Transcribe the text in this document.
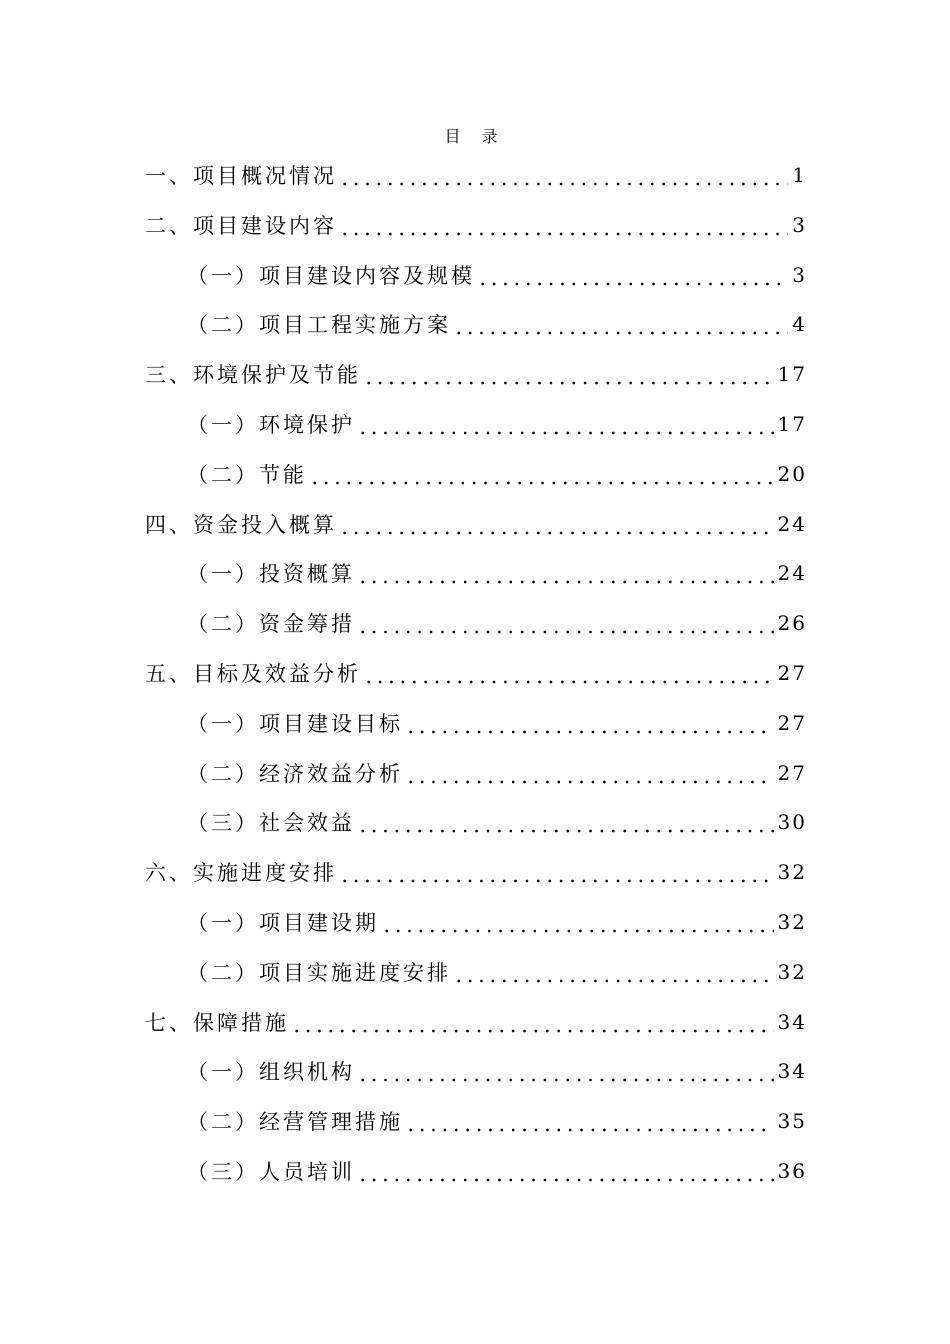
目 录
一、项目概况情况	1
二、项目建设内容	3
（一）项目建设内容及规模	3
（二）项目工程实施方案	4
三、环境保护及节能	17
（一）环境保护	17
（二）节能	20
四、资金投入概算	24
（一）投资概算	24
（二）资金筹措	26
五、目标及效益分析	27
（一）项目建设目标	27
（二）经济效益分析	27
（三）社会效益	30
六、实施进度安排	32
（一）项目建设期	32
（二）项目实施进度安排	32
七、保障措施	34
（一）组织机构	34
（二）经营管理措施	35
（三）人员培训	36
